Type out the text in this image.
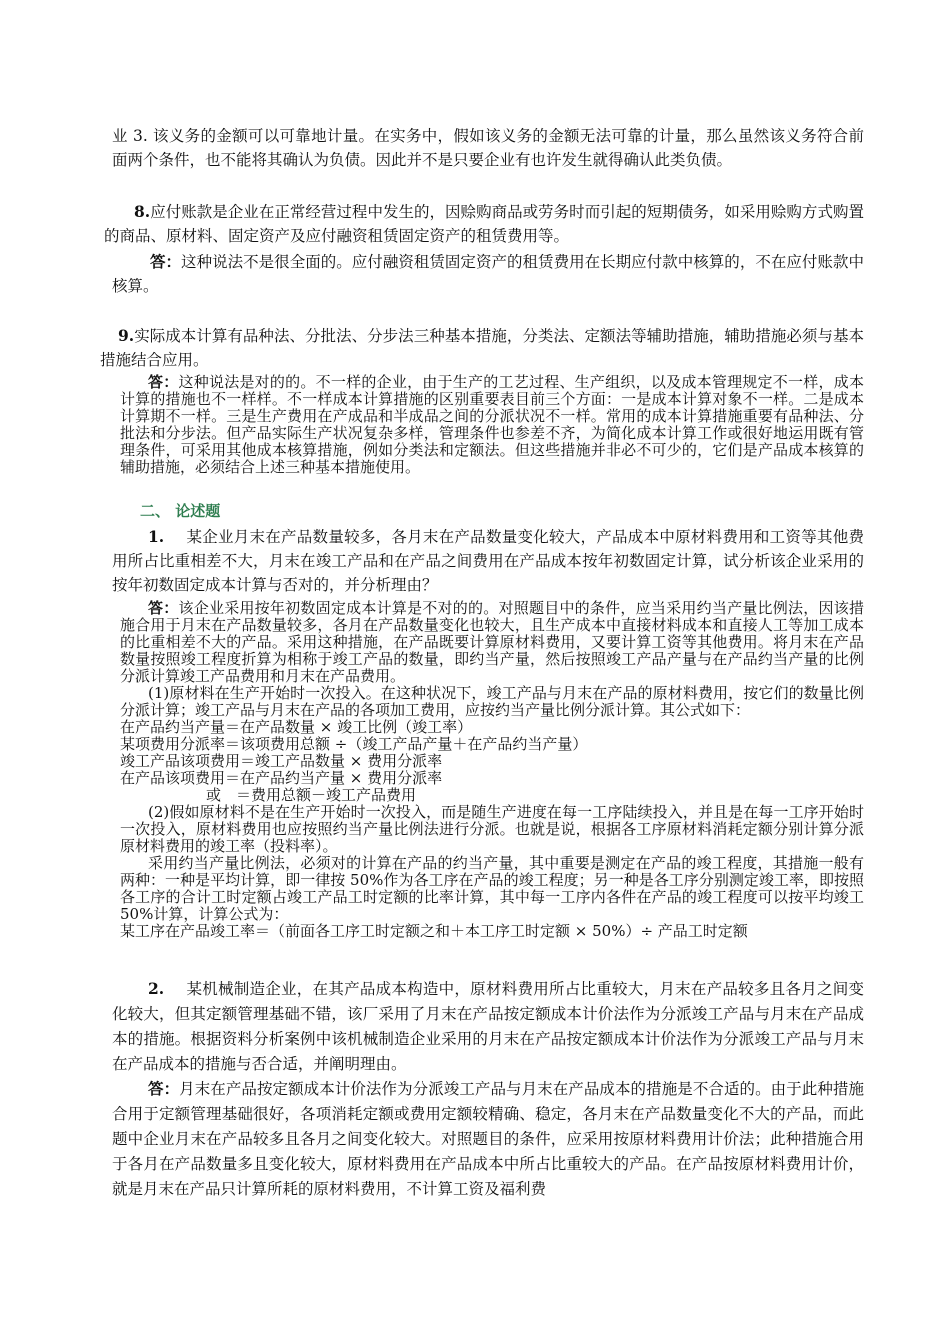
业 3. 该义务的金额可以可靠地计量。在实务中，假如该义务的金额无法可靠的计量，那么虽然该义务符合前面两个条件，也不能将其确认为负债。因此并不是只要企业有也许发生就得确认此类负债。

8.应付账款是企业在正常经营过程中发生的，因赊购商品或劳务时而引起的短期债务，如采用赊购方式购置的商品、原材料、固定资产及应付融资租赁固定资产的租赁费用等。

答：这种说法不是很全面的。应付融资租赁固定资产的租赁费用在长期应付款中核算的，不在应付账款中核算。

9.实际成本计算有品种法、分批法、分步法三种基本措施，分类法、定额法等辅助措施，辅助措施必须与基本措施结合应用。

答：这种说法是对的的。不一样的企业，由于生产的工艺过程、生产组织，以及成本管理规定不一样，成本计算的措施也不一样样。不一样成本计算措施的区别重要表目前三个方面：一是成本计算对象不一样。二是成本计算期不一样。三是生产费用在产成品和半成品之间的分派状况不一样。常用的成本计算措施重要有品种法、分批法和分步法。但产品实际生产状况复杂多样，管理条件也参差不齐，为简化成本计算工作或很好地运用既有管理条件，可采用其他成本核算措施，例如分类法和定额法。但这些措施并非必不可少的，它们是产品成本核算的辅助措施，必须结合上述三种基本措施使用。

二、 论述题

1. 某企业月末在产品数量较多，各月末在产品数量变化较大，产品成本中原材料费用和工资等其他费用所占比重相差不大，月末在竣工产品和在产品之间费用在产品成本按年初数固定计算，试分析该企业采用的按年初数固定成本计算与否对的，并分析理由？

答：该企业采用按年初数固定成本计算是不对的的。对照题目中的条件，应当采用约当产量比例法，因该措施合用于月末在产品数量较多，各月在产品数量变化也较大，且生产成本中直接材料成本和直接人工等加工成本的比重相差不大的产品。采用这种措施，在产品既要计算原材料费用，又要计算工资等其他费用。将月末在产品数量按照竣工程度折算为相称于竣工产品的数量，即约当产量，然后按照竣工产品产量与在产品约当产量的比例分派计算竣工产品费用和月末在产品费用。

(1)原材料在生产开始时一次投入。在这种状况下，竣工产品与月末在产品的原材料费用，按它们的数量比例分派计算；竣工产品与月末在产品的各项加工费用，应按约当产量比例分派计算。其公式如下：

在产品约当产量＝在产品数量 × 竣工比例（竣工率）
某项费用分派率＝该项费用总额 ÷（竣工产品产量＋在产品约当产量）
竣工产品该项费用＝竣工产品数量 × 费用分派率
在产品该项费用＝在产品约当产量 × 费用分派率
或　＝费用总额－竣工产品费用

(2)假如原材料不是在生产开始时一次投入，而是随生产进度在每一工序陆续投入，并且是在每一工序开始时一次投入，原材料费用也应按照约当产量比例法进行分派。也就是说，根据各工序原材料消耗定额分别计算分派原材料费用的竣工率（投料率）。

采用约当产量比例法，必须对的计算在产品的约当产量，其中重要是测定在产品的竣工程度，其措施一般有两种：一种是平均计算，即一律按 50%作为各工序在产品的竣工程度；另一种是各工序分别测定竣工率，即按照各工序的合计工时定额占竣工产品工时定额的比率计算，其中每一工序内各件在产品的竣工程度可以按平均竣工 50%计算，计算公式为：

某工序在产品竣工率＝（前面各工序工时定额之和＋本工序工时定额 × 50%）÷ 产品工时定额

2. 某机械制造企业，在其产品成本构造中，原材料费用所占比重较大，月末在产品较多且各月之间变化较大，但其定额管理基础不错，该厂采用了月末在产品按定额成本计价法作为分派竣工产品与月末在产品成本的措施。根据资料分析案例中该机械制造企业采用的月末在产品按定额成本计价法作为分派竣工产品与月末在产品成本的措施与否合适，并阐明理由。

答：月末在产品按定额成本计价法作为分派竣工产品与月末在产品成本的措施是不合适的。由于此种措施合用于定额管理基础很好，各项消耗定额或费用定额较精确、稳定，各月末在产品数量变化不大的产品，而此题中企业月末在产品较多且各月之间变化较大。对照题目的条件，应采用按原材料费用计价法；此种措施合用于各月在产品数量多且变化较大，原材料费用在产品成本中所占比重较大的产品。在产品按原材料费用计价，就是月末在产品只计算所耗的原材料费用，不计算工资及福利费
